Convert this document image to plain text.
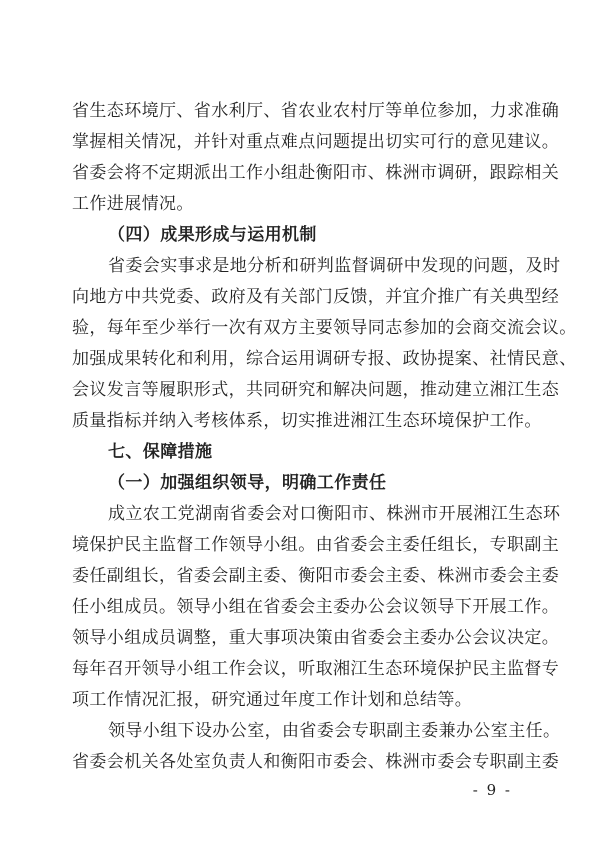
省生态环境厅、省水利厅、省农业农村厅等单位参加，力求准确
掌握相关情况，并针对重点难点问题提出切实可行的意见建议。
省委会将不定期派出工作小组赴衡阳市、株洲市调研，跟踪相关
工作进展情况。
（四）成果形成与运用机制
省委会实事求是地分析和研判监督调研中发现的问题，及时
向地方中共党委、政府及有关部门反馈，并宜介推广有关典型经
验，每年至少举行一次有双方主要领导同志参加的会商交流会议。
加强成果转化和利用，综合运用调研专报、政协提案、社情民意、
会议发言等履职形式，共同研究和解决问题，推动建立湘江生态
质量指标并纳入考核体系，切实推进湘江生态环境保护工作。
七、保障措施
（一）加强组织领导，明确工作责任
成立农工党湖南省委会对口衡阳市、株洲市开展湘江生态环
境保护民主监督工作领导小组。由省委会主委任组长，专职副主
委任副组长，省委会副主委、衡阳市委会主委、株洲市委会主委
任小组成员。领导小组在省委会主委办公会议领导下开展工作。
领导小组成员调整，重大事项决策由省委会主委办公会议决定。
每年召开领导小组工作会议，听取湘江生态环境保护民主监督专
项工作情况汇报，研究通过年度工作计划和总结等。
领导小组下设办公室，由省委会专职副主委兼办公室主任。
省委会机关各处室负责人和衡阳市委会、株洲市委会专职副主委
- 9 -
